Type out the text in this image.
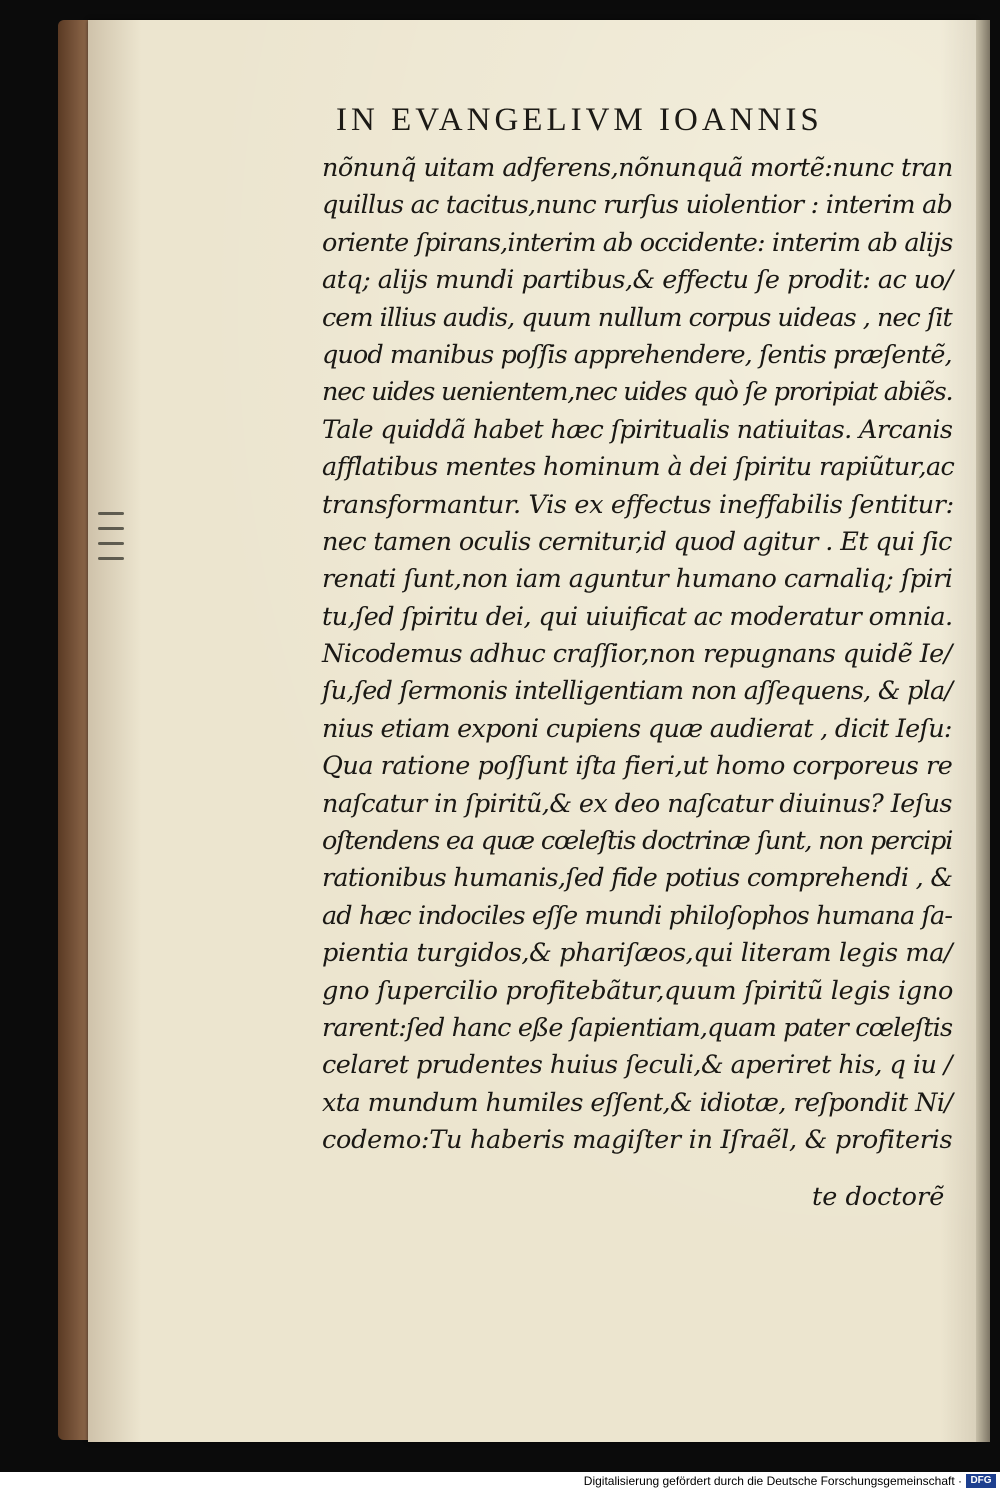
IN EVANGELIVM IOANNIS
nõnunq̃ uitam adferens,nõnunquã mortẽ:nunc tran
quillus ac tacitus,nunc rurſus uiolentior : interim ab
oriente ſpirans,interim ab occidente: interim ab alijs
atq; alijs mundi partibus,& effectu ſe prodit: ac uo/
cem illius audis, quum nullum corpus uideas , nec ſit
quod manibus poſſis apprehendere, ſentis præſentẽ,
nec uides uenientem,nec uides quò ſe proripiat abiẽs.
Tale quiddã habet hæc ſpiritualis natiuitas. Arcanis
afflatibus mentes hominum à dei ſpiritu rapiũtur,ac
transformantur. Vis ex effectus ineffabilis ſentitur:
nec tamen oculis cernitur,id quod agitur . Et qui ſic
renati ſunt,non iam aguntur humano carnaliq; ſpiri
tu,ſed ſpiritu dei, qui uiuificat ac moderatur omnia.
Nicodemus adhuc craſſior,non repugnans quidẽ Ie/
ſu,ſed ſermonis intelligentiam non aſſequens, & pla/
nius etiam exponi cupiens quæ audierat , dicit Ieſu:
Qua ratione poſſunt iſta fieri,ut homo corporeus re
naſcatur in ſpiritũ,& ex deo naſcatur diuinus? Ieſus
oſtendens ea quæ cœleſtis doctrinæ ſunt, non percipi
rationibus humanis,ſed fide potius comprehendi , &
ad hæc indociles eſſe mundi philoſophos humana ſa-
pientia turgidos,& phariſæos,qui literam legis ma/
gno ſupercilio profitebãtur,quum ſpiritũ legis igno
rarent:ſed hanc eße ſapientiam,quam pater cœleſtis
celaret prudentes huius ſeculi,& aperiret his, q iu /
xta mundum humiles eſſent,& idiotæ, reſpondit Ni/
codemo:Tu haberis magiſter in Iſraẽl, & profiteris
te doctorẽ
Digitalisierung gefördert durch die Deutsche Forschungsgemeinschaft · DFG
